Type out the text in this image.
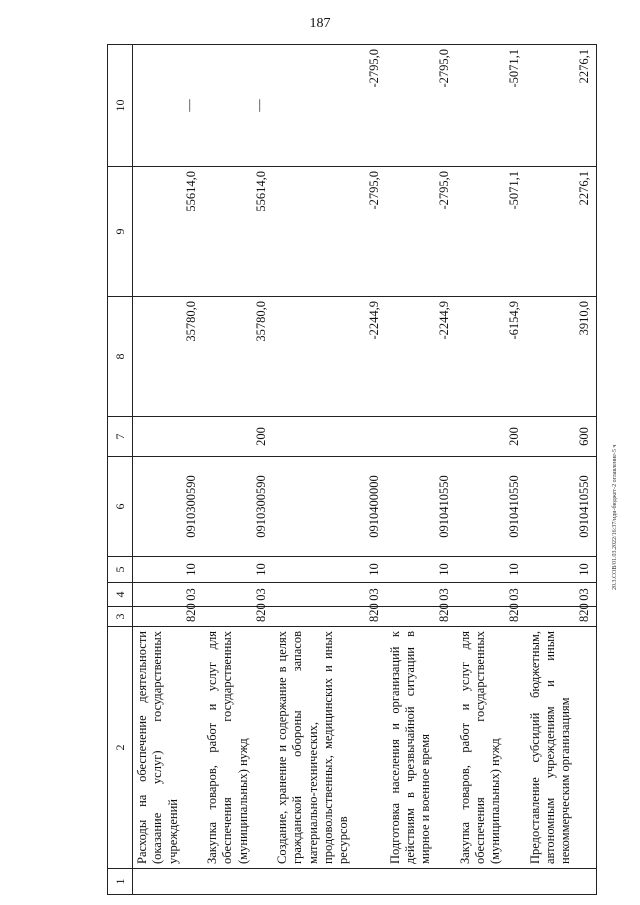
187
20.3.СОВ/01.03.2022/16:37/иди-бюджет-2 оглавление-5 ч
1	2	3	4	5	6	7	8	9	10
	Расходы на обеспечение деятельности (оказание услуг) государственных учреждений	820	03	10	0910300590		35780,0	55614,0	—
	Закупка товаров, работ и услуг для обеспечения государственных (муниципальных) нужд	820	03	10	0910300590	200	35780,0	55614,0	—
	Создание, хранение и содержание в целях гражданской обороны запасов материально-технических, продовольственных, медицинских и иных ресурсов	820	03	10	0910400000		-2244,9	-2795,0	-2795,0
	Подготовка населения и организаций к действиям в чрезвычайной ситуации в мирное и военное время	820	03	10	0910410550		-2244,9	-2795,0	-2795,0
	Закупка товаров, работ и услуг для обеспечения государственных (муниципальных) нужд	820	03	10	0910410550	200	-6154,9	-5071,1	-5071,1
	Предоставление субсидий бюджетным, автономным учреждениям и иным некоммерческим организациям	820	03	10	0910410550	600	3910,0	2276,1	2276,1
